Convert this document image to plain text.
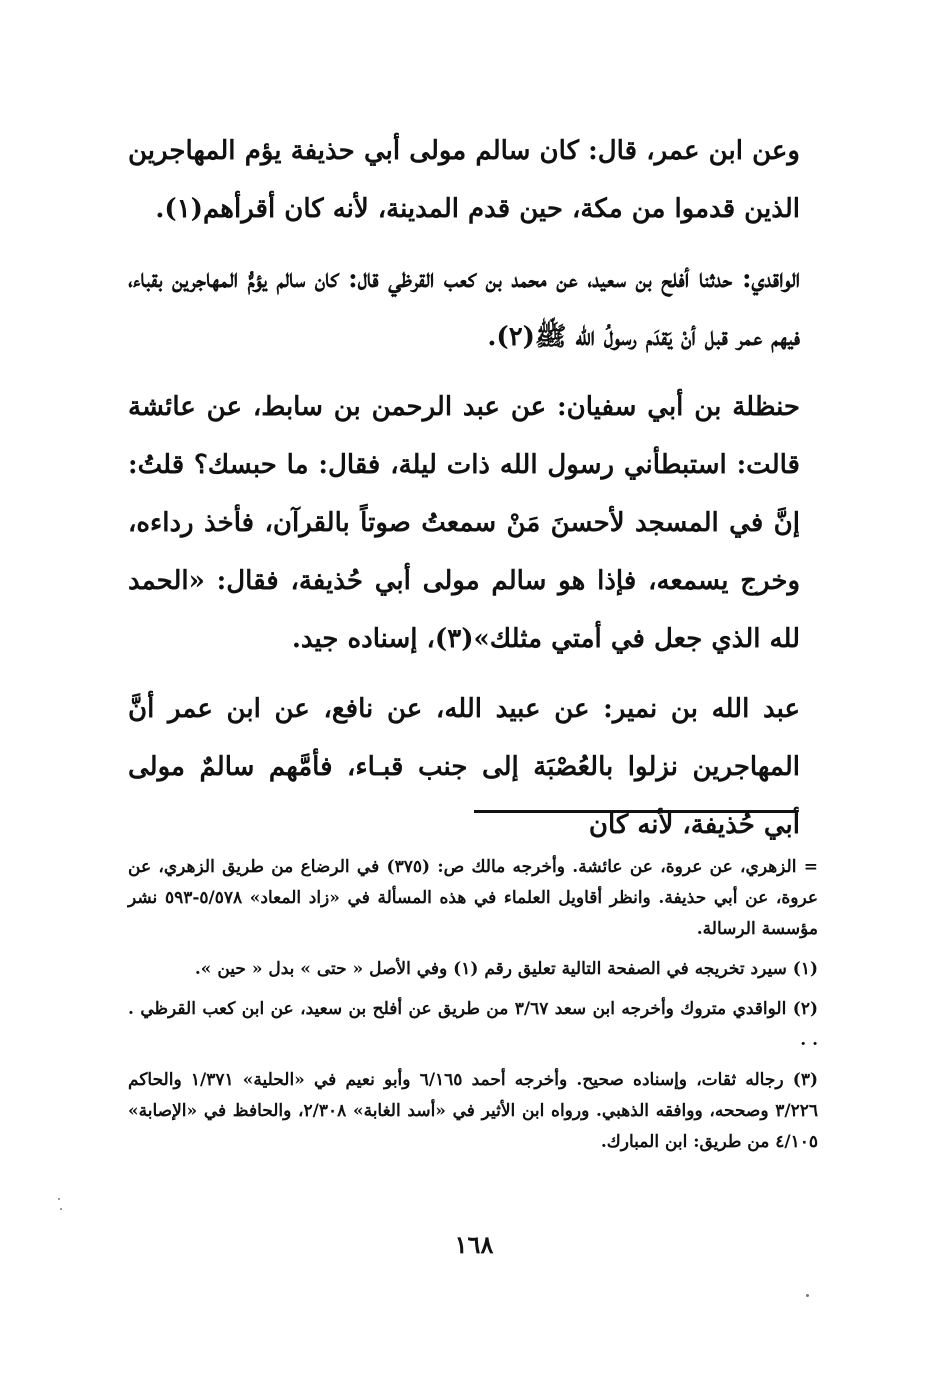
وعن ابن عمر، قال: كان سالم مولى أبي حذيفة يؤم المهاجرين الذين قدموا من مكة، حين قدم المدينة، لأنه كان أقرأهم(١).

الواقدي: حدثنا أفلح بن سعيد، عن محمد بن كعب القرظي قال: كان سالم يؤمُّ المهاجرين بقباء، فيهم عمر قبل أنْ يَقدَم رسولُ الله ﷺ(٢).

حنظلة بن أبي سفيان: عن عبد الرحمن بن سابط، عن عائشة قالت: استبطأني رسول الله ذات ليلة، فقال: ما حبسك؟ قلتُ: إنَّ في المسجد لأحسنَ مَنْ سمعتُ صوتاً بالقرآن، فأخذ رداءه، وخرج يسمعه، فإذا هو سالم مولى أبي حُذيفة، فقال: «الحمد لله الذي جعل في أمتي مثلك»(٣)، إسناده جيد.

عبد الله بن نمير: عن عبيد الله، عن نافع، عن ابن عمر أنَّ المهاجرين نزلوا بالعُصْبَة إلى جنب قبـاء، فأمَّهم سالمٌ مولى أبي حُذيفة، لأنه كان

= الزهري، عن عروة، عن عائشة. وأخرجه مالك ص: (٣٧٥) في الرضاع من طريق الزهري، عن عروة، عن أبي حذيفة. وانظر أقاويل العلماء في هذه المسألة في «زاد المعاد» ٥/٥٧٨-٥٩٣ نشر مؤسسة الرسالة.

(١) سيرد تخريجه في الصفحة التالية تعليق رقم (١) وفي الأصل « حتى » بدل « حين ».

(٢) الواقدي متروك وأخرجه ابن سعد ٣/٦٧ من طريق عن أفلح بن سعيد، عن ابن كعب القرظي . . .

(٣) رجاله ثقات، وإسناده صحيح. وأخرجه أحمد ٦/١٦٥ وأبو نعيم في «الحلية» ١/٣٧١ والحاكم ٣/٢٢٦ وصححه، ووافقه الذهبي. ورواه ابن الأثير في «أسد الغابة» ٢/٣٠٨، والحافظ في «الإصابة» ٤/١٠٥ من طريق: ابن المبارك.

١٦٨
